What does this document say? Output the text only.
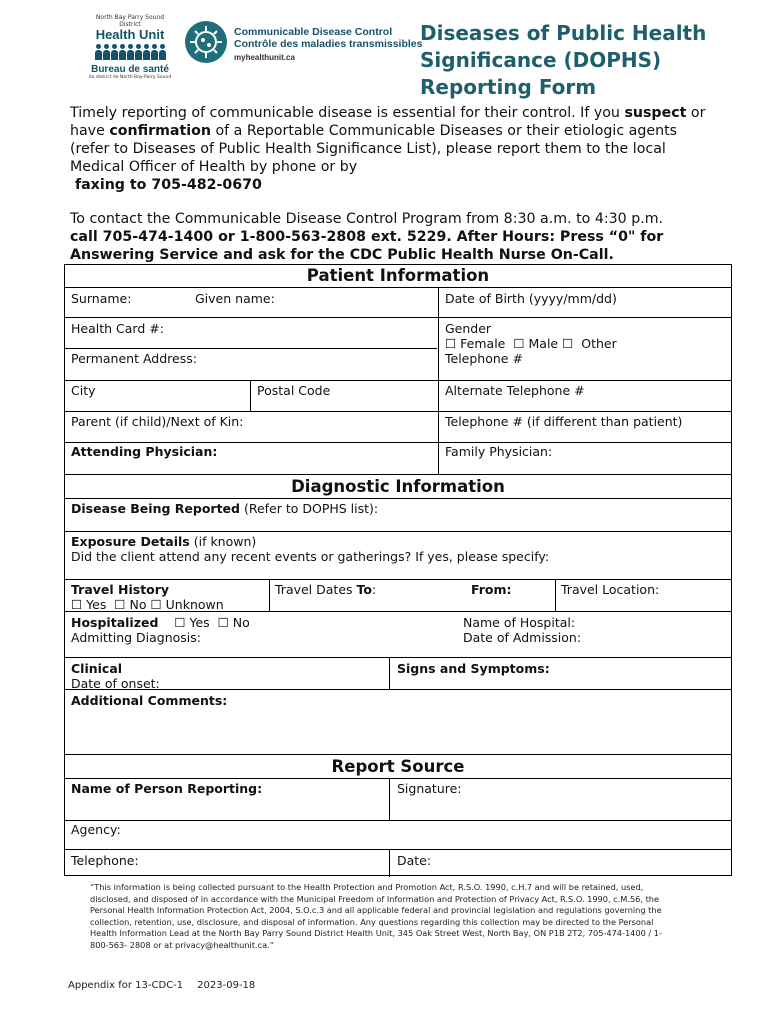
North Bay Parry Sound District
Health Unit
Bureau de santé
du district de North Bay-Parry Sound
Communicable Disease Control
Contrôle des maladies transmissibles
myhealthunit.ca
Diseases of Public Health Significance (DOPHS) Reporting Form
Timely reporting of communicable disease is essential for their control. If you suspect or have confirmation of a Reportable Communicable Diseases or their etiologic agents (refer to Diseases of Public Health Significance List), please report them to the local Medical Officer of Health by phone or by
faxing to 705-482-0670
To contact the Communicable Disease Control Program from 8:30 a.m. to 4:30 p.m.
call 705-474-1400 or 1-800-563-2808 ext. 5229. After Hours: Press “0" for Answering Service and ask for the CDC Public Health Nurse On-Call.
Patient Information
Surname:	Given name:	Date of Birth (yyyy/mm/dd)
Health Card #:	Gender
☐ Female  ☐ Male ☐  Other
Permanent Address:	Telephone #
City	Postal Code	Alternate Telephone #
Parent (if child)/Next of Kin:	Telephone # (if different than patient)
Attending Physician:	Family Physician:
Diagnostic Information
Disease Being Reported (Refer to DOPHS list):
Exposure Details (if known)
Did the client attend any recent events or gatherings? If yes, please specify:
Travel History
☐ Yes  ☐ No ☐ Unknown
Travel Dates To:	From:	Travel Location:
Hospitalized ☐ Yes  ☐ No
Admitting Diagnosis:
Name of Hospital:
Date of Admission:
Clinical
Date of onset:
Signs and Symptoms:
Additional Comments:
Report Source
Name of Person Reporting:	Signature:
Agency:
Telephone:	Date:
“This information is being collected pursuant to the Health Protection and Promotion Act, R.S.O. 1990, c.H.7 and will be retained, used, disclosed, and disposed of in accordance with the Municipal Freedom of Information and Protection of Privacy Act, R.S.O. 1990, c.M.56, the Personal Health Information Protection Act, 2004, S.O.c.3 and all applicable federal and provincial legislation and regulations governing the collection, retention, use, disclosure, and disposal of information. Any questions regarding this collection may be directed to the Personal Health Information Lead at the North Bay Parry Sound District Health Unit, 345 Oak Street West, North Bay, ON P1B 2T2, 705-474-1400 / 1-800-563- 2808 or at privacy@healthunit.ca.”
Appendix for 13-CDC-1 2023-09-18
